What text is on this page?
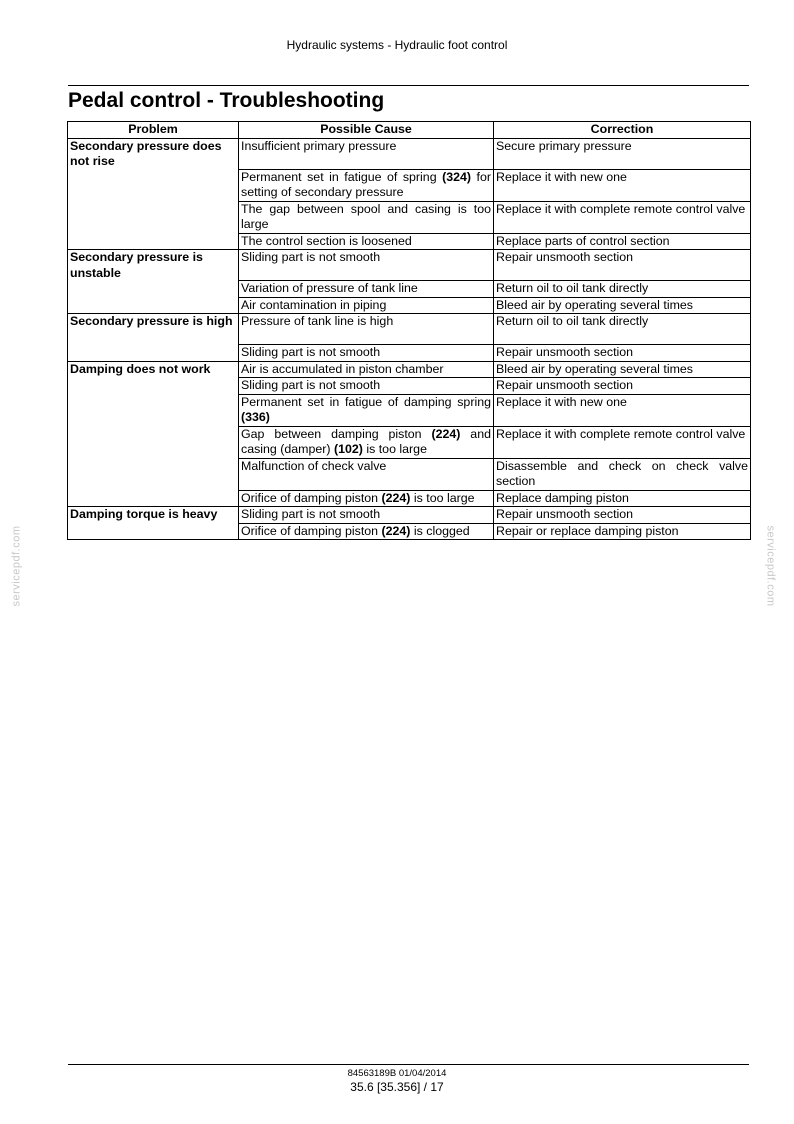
Hydraulic systems - Hydraulic foot control
Pedal control - Troubleshooting
Problem	Possible Cause	Correction
Secondary pressure does not rise	Insufficient primary pressure	Secure primary pressure
	Permanent set in fatigue of spring (324) for setting of secondary pressure	Replace it with new one
	The gap between spool and casing is too large	Replace it with complete remote control valve
	The control section is loosened	Replace parts of control section
Secondary pressure is unstable	Sliding part is not smooth	Repair unsmooth section
	Variation of pressure of tank line	Return oil to oil tank directly
	Air contamination in piping	Bleed air by operating several times
Secondary pressure is high	Pressure of tank line is high	Return oil to oil tank directly
	Sliding part is not smooth	Repair unsmooth section
Damping does not work	Air is accumulated in piston chamber	Bleed air by operating several times
	Sliding part is not smooth	Repair unsmooth section
	Permanent set in fatigue of damping spring (336)	Replace it with new one
	Gap between damping piston (224) and casing (damper) (102) is too large	Replace it with complete remote control valve
	Malfunction of check valve	Disassemble and check on check valve section
	Orifice of damping piston (224) is too large	Replace damping piston
Damping torque is heavy	Sliding part is not smooth	Repair unsmooth section
	Orifice of damping piston (224) is clogged	Repair or replace damping piston
servicepdf.com	servicepdf.com
84563189B 01/04/2014
35.6 [35.356] / 17
